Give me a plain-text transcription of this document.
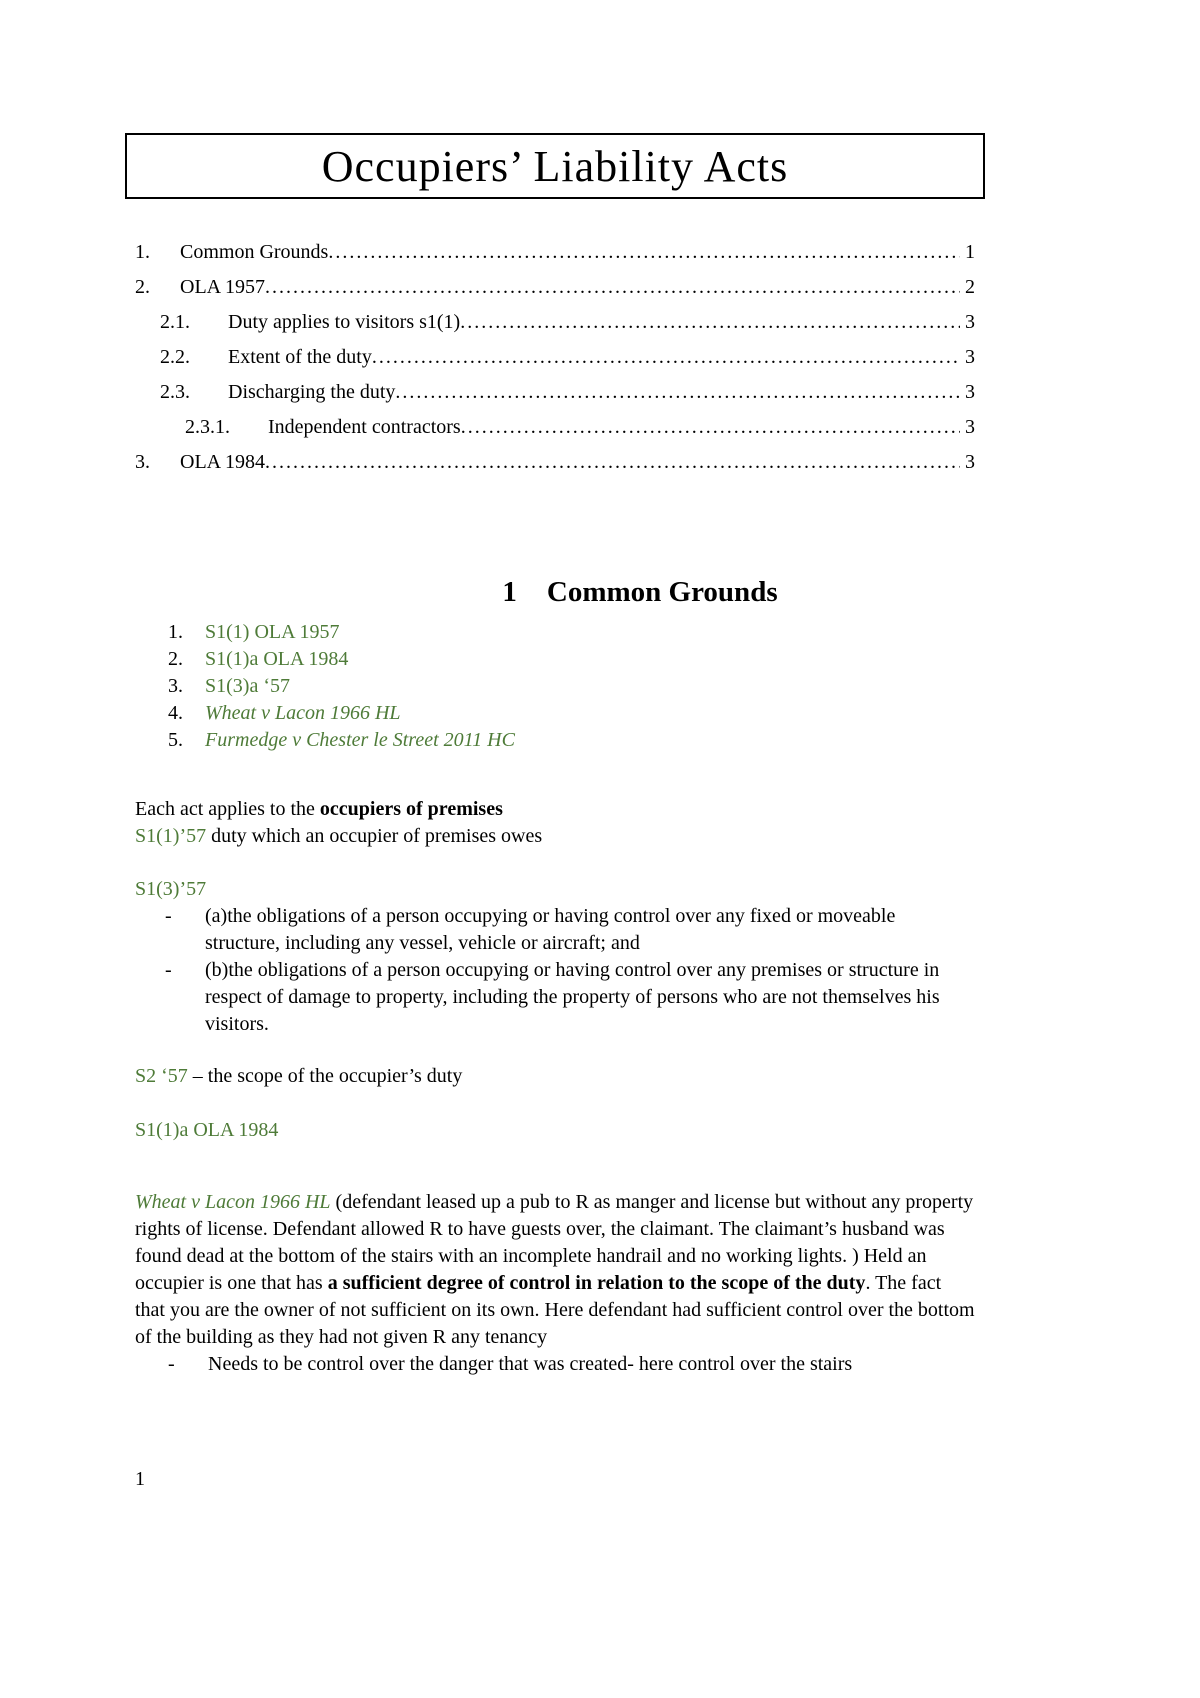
Occupiers’ Liability Acts
1.	Common Grounds .....	1
2.	OLA 1957 .....	2
2.1.	Duty applies to visitors s1(1) .....	3
2.2.	Extent of the duty .....	3
2.3.	Discharging the duty .....	3
2.3.1.	Independent contractors .....	3
3.	OLA 1984 .....	3
1 Common Grounds
1.	S1(1) OLA 1957
2.	S1(1)a OLA 1984
3.	S1(3)a ‘57
4.	Wheat v Lacon 1966 HL
5.	Furmedge v Chester le Street 2011 HC
Each act applies to the occupiers of premises
S1(1)’57 duty which an occupier of premises owes
S1(3)’57
-	(a)the obligations of a person occupying or having control over any fixed or moveable structure, including any vessel, vehicle or aircraft; and
-	(b)the obligations of a person occupying or having control over any premises or structure in respect of damage to property, including the property of persons who are not themselves his visitors.
S2 ‘57 – the scope of the occupier’s duty
S1(1)a OLA 1984
Wheat v Lacon 1966 HL (defendant leased up a pub to R as manger and license but without any property rights of license. Defendant allowed R to have guests over, the claimant. The claimant’s husband was found dead at the bottom of the stairs with an incomplete handrail and no working lights. ) Held an occupier is one that has a sufficient degree of control in relation to the scope of the duty. The fact that you are the owner of not sufficient on its own. Here defendant had sufficient control over the bottom of the building as they had not given R any tenancy
-	Needs to be control over the danger that was created- here control over the stairs
1
